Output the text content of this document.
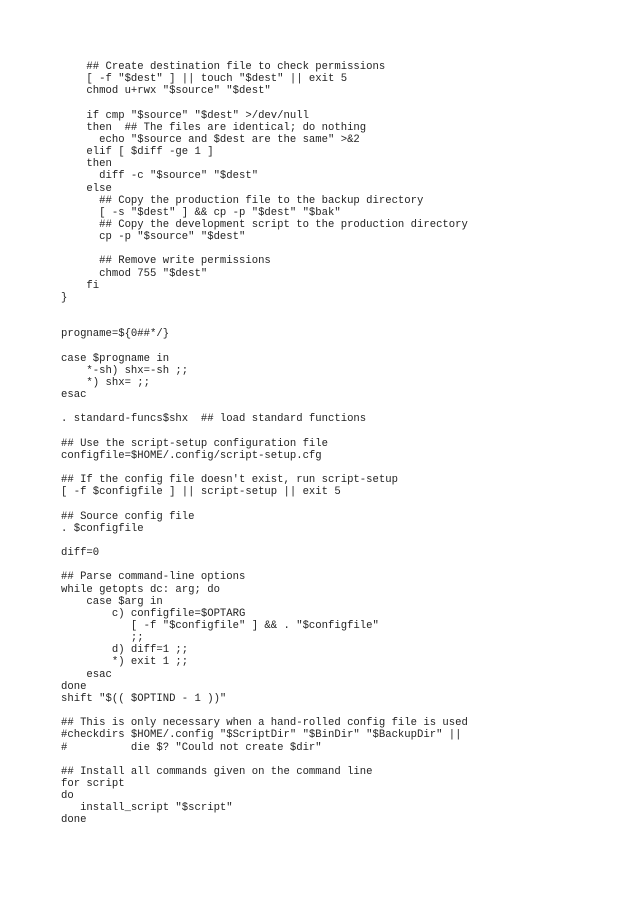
## Create destination file to check permissions
[ -f "$dest" ] || touch "$dest" || exit 5
chmod u+rwx "$source" "$dest"
if cmp "$source" "$dest" >/dev/null
then  ## The files are identical; do nothing
echo "$source and $dest are the same" >&2
elif [ $diff -ge 1 ]
then
diff -c "$source" "$dest"
else
## Copy the production file to the backup directory
[ -s "$dest" ] && cp -p "$dest" "$bak"
## Copy the development script to the production directory
cp -p "$source" "$dest"
## Remove write permissions
chmod 755 "$dest"
fi
}
progname=${0##*/}
case $progname in
*-sh) shx=-sh ;;
*) shx= ;;
esac
. standard-funcs$shx  ## load standard functions
## Use the script-setup configuration file
configfile=$HOME/.config/script-setup.cfg
## If the config file doesn't exist, run script-setup
[ -f $configfile ] || script-setup || exit 5
## Source config file
. $configfile
diff=0
## Parse command-line options
while getopts dc: arg; do
case $arg in
c) configfile=$OPTARG
[ -f "$configfile" ] && . "$configfile"
;;
d) diff=1 ;;
*) exit 1 ;;
esac
done
shift "$(( $OPTIND - 1 ))"
## This is only necessary when a hand-rolled config file is used
#checkdirs $HOME/.config "$ScriptDir" "$BinDir" "$BackupDir" ||
#          die $? "Could not create $dir"
## Install all commands given on the command line
for script
do
install_script "$script"
done
